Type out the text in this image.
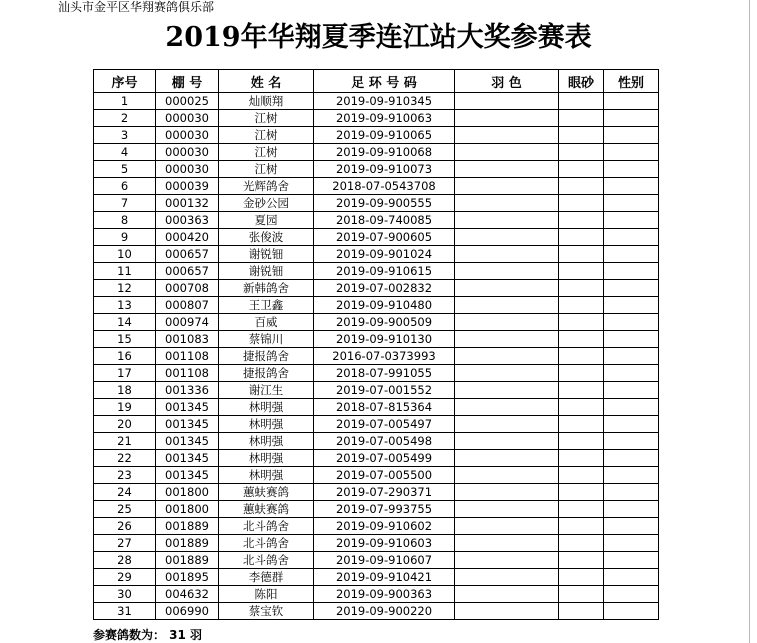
汕头市金平区华翔赛鸽俱乐部
2019年华翔夏季连江站大奖参赛表
序号	棚 号	姓 名	足 环 号 码	羽 色	眼砂	性别
1	000025	灿顺翔	2019-09-910345			
2	000030	江树	2019-09-910063			
3	000030	江树	2019-09-910065			
4	000030	江树	2019-09-910068			
5	000030	江树	2019-09-910073			
6	000039	光辉鸽舍	2018-07-0543708			
7	000132	金砂公园	2019-09-900555			
8	000363	夏园	2018-09-740085			
9	000420	张俊波	2019-07-900605			
10	000657	谢锐钿	2019-09-901024			
11	000657	谢锐钿	2019-09-910615			
12	000708	新韩鸽舍	2019-07-002832			
13	000807	王卫鑫	2019-09-910480			
14	000974	百威	2019-09-900509			
15	001083	蔡锦川	2019-09-910130			
16	001108	捷报鸽舍	2016-07-0373993			
17	001108	捷报鸽舍	2018-07-991055			
18	001336	谢江生	2019-07-001552			
19	001345	林明强	2018-07-815364			
20	001345	林明强	2019-07-005497			
21	001345	林明强	2019-07-005498			
22	001345	林明强	2019-07-005499			
23	001345	林明强	2019-07-005500			
24	001800	蕙蚨赛鸽	2019-07-290371			
25	001800	蕙蚨赛鸽	2019-07-993755			
26	001889	北斗鸽舍	2019-09-910602			
27	001889	北斗鸽舍	2019-09-910603			
28	001889	北斗鸽舍	2019-09-910607			
29	001895	李德群	2019-09-910421			
30	004632	陈阳	2019-09-900363			
31	006990	蔡宝钦	2019-09-900220			
参赛鸽数为： 31 羽
